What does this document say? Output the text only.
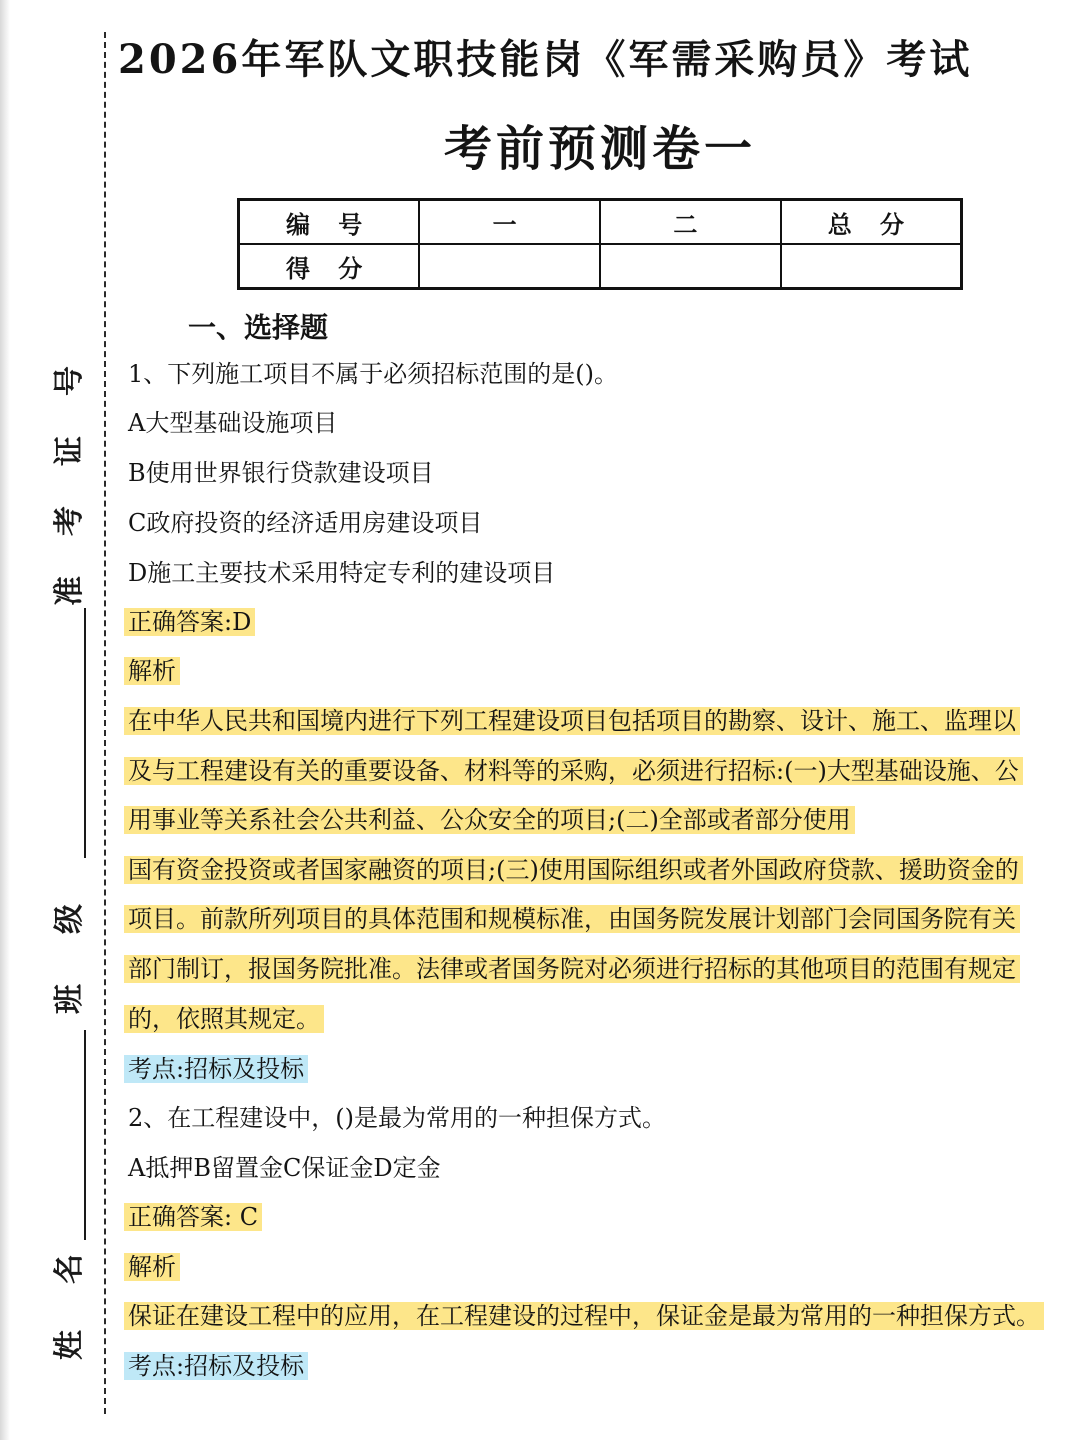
号
证
考
准
级
班
名
姓
2026年军队文职技能岗《军需采购员》考试
考前预测卷一
编 号	一	二	总 分
得 分			
一、选择题
1、下列施工项目不属于必须招标范围的是()。
A大型基础设施项目
B使用世界银行贷款建设项目
C政府投资的经济适用房建设项目
D施工主要技术采用特定专利的建设项目
正确答案:D
解析
在中华人民共和国境内进行下列工程建设项目包括项目的勘察、设计、施工、监理以
及与工程建设有关的重要设备、材料等的采购，必须进行招标:(一)大型基础设施、公
用事业等关系社会公共利益、公众安全的项目;(二)全部或者部分使用
国有资金投资或者国家融资的项目;(三)使用国际组织或者外国政府贷款、援助资金的
项目。前款所列项目的具体范围和规模标准，由国务院发展计划部门会同国务院有关
部门制订，报国务院批准。法律或者国务院对必须进行招标的其他项目的范围有规定
的，依照其规定。
考点:招标及投标
2、在工程建设中，()是最为常用的一种担保方式。
A抵押B留置金C保证金D定金
正确答案: C
解析
保证在建设工程中的应用，在工程建设的过程中，保证金是最为常用的一种担保方式。
考点:招标及投标
